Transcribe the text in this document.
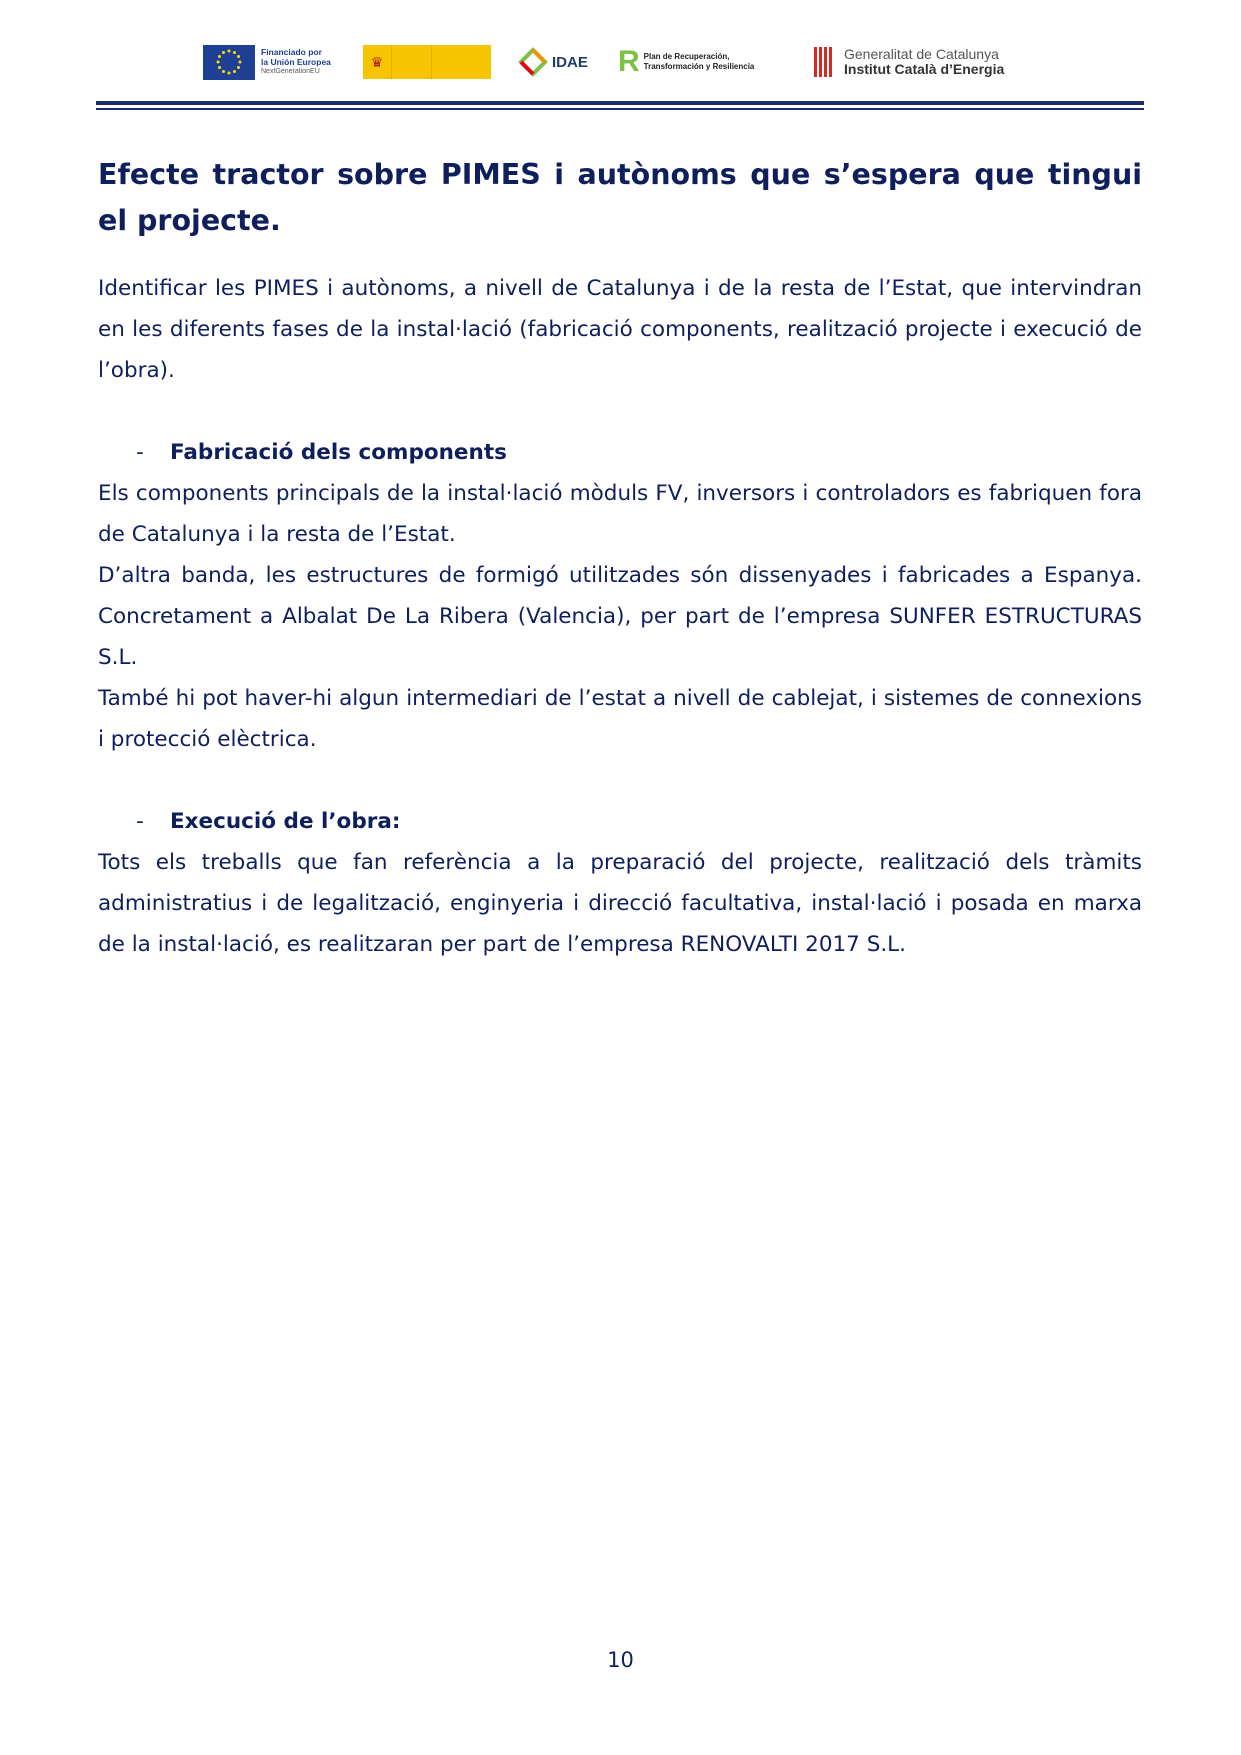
Financiado por
la Unión Europea
NextGenerationEU
♛	IDAE R Plan de Recuperación,
Transformación y Resiliencia
Generalitat de Catalunya
Institut Català d’Energia
Efecte tractor sobre PIMES i autònoms que s’espera que tingui el projecte.

Identificar les PIMES i autònoms, a nivell de Catalunya i de la resta de l’Estat, que intervindran en les diferents fases de la instal·lació (fabricació components, realització projecte i execució de l’obra).

- Fabricació dels components

Els components principals de la instal·lació mòduls FV, inversors i controladors es fabriquen fora de Catalunya i la resta de l’Estat.

D’altra banda, les estructures de formigó utilitzades són dissenyades i fabricades a Espanya. Concretament a Albalat De La Ribera (Valencia), per part de l’empresa SUNFER ESTRUCTURAS S.L.

També hi pot haver-hi algun intermediari de l’estat a nivell de cablejat, i sistemes de connexions i protecció elèctrica.

- Execució de l’obra:

Tots els treballs que fan referència a la preparació del projecte, realització dels tràmits administratius i de legalització, enginyeria i direcció facultativa, instal·lació i posada en marxa de la instal·lació, es realitzaran per part de l’empresa RENOVALTI 2017 S.L.

10
